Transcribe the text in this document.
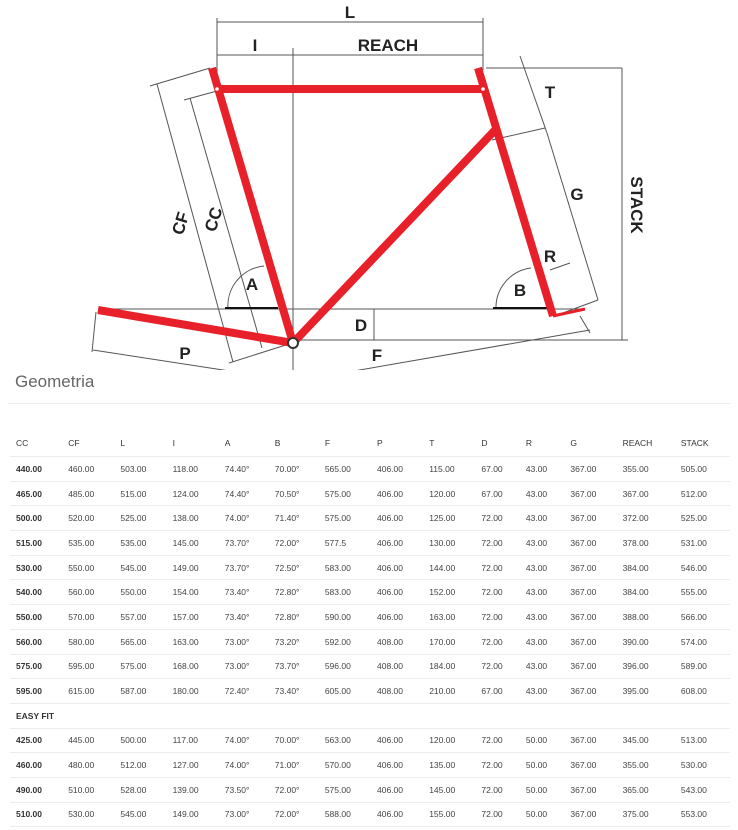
L
I	REACH
T
G
R
B
A
D
P	F
STACK
CF CC
Geometria
CC	CF	L	I	A	B	F	P	T	D	R	G	REACH	STACK
440.00	460.00	503.00	118.00	74.40°	70.00°	565.00	406.00	115.00	67.00	43.00	367.00	355.00	505.00
465.00	485.00	515.00	124.00	74.40°	70.50°	575.00	406.00	120.00	67.00	43.00	367.00	367.00	512.00
500.00	520.00	525.00	138.00	74.00°	71.40°	575.00	406.00	125.00	72.00	43.00	367.00	372.00	525.00
515.00	535.00	535.00	145.00	73.70°	72.00°	577.5	406.00	130.00	72.00	43.00	367.00	378.00	531.00
530.00	550.00	545.00	149.00	73.70°	72.50°	583.00	406.00	144.00	72.00	43.00	367.00	384.00	546.00
540.00	560.00	550.00	154.00	73.40°	72.80°	583.00	406.00	152.00	72.00	43.00	367.00	384.00	555.00
550.00	570.00	557.00	157.00	73.40°	72.80°	590.00	406.00	163.00	72.00	43.00	367.00	388.00	566.00
560.00	580.00	565.00	163.00	73.00°	73.20°	592.00	408.00	170.00	72.00	43.00	367.00	390.00	574.00
575.00	595.00	575.00	168.00	73.00°	73.70°	596.00	408.00	184.00	72.00	43.00	367.00	396.00	589.00
595.00	615.00	587.00	180.00	72.40°	73.40°	605.00	408.00	210.00	67.00	43.00	367.00	395.00	608.00
EASY FIT													
425.00	445.00	500.00	117.00	74.00°	70.00°	563.00	406.00	120.00	72.00	50.00	367.00	345.00	513.00
460.00	480.00	512.00	127.00	74.00°	71.00°	570.00	406.00	135.00	72.00	50.00	367.00	355.00	530.00
490.00	510.00	528.00	139.00	73.50°	72.00°	575.00	406.00	145.00	72.00	50.00	367.00	365.00	543.00
510.00	530.00	545.00	149.00	73.00°	72.00°	588.00	406.00	155.00	72.00	50.00	367.00	375.00	553.00
